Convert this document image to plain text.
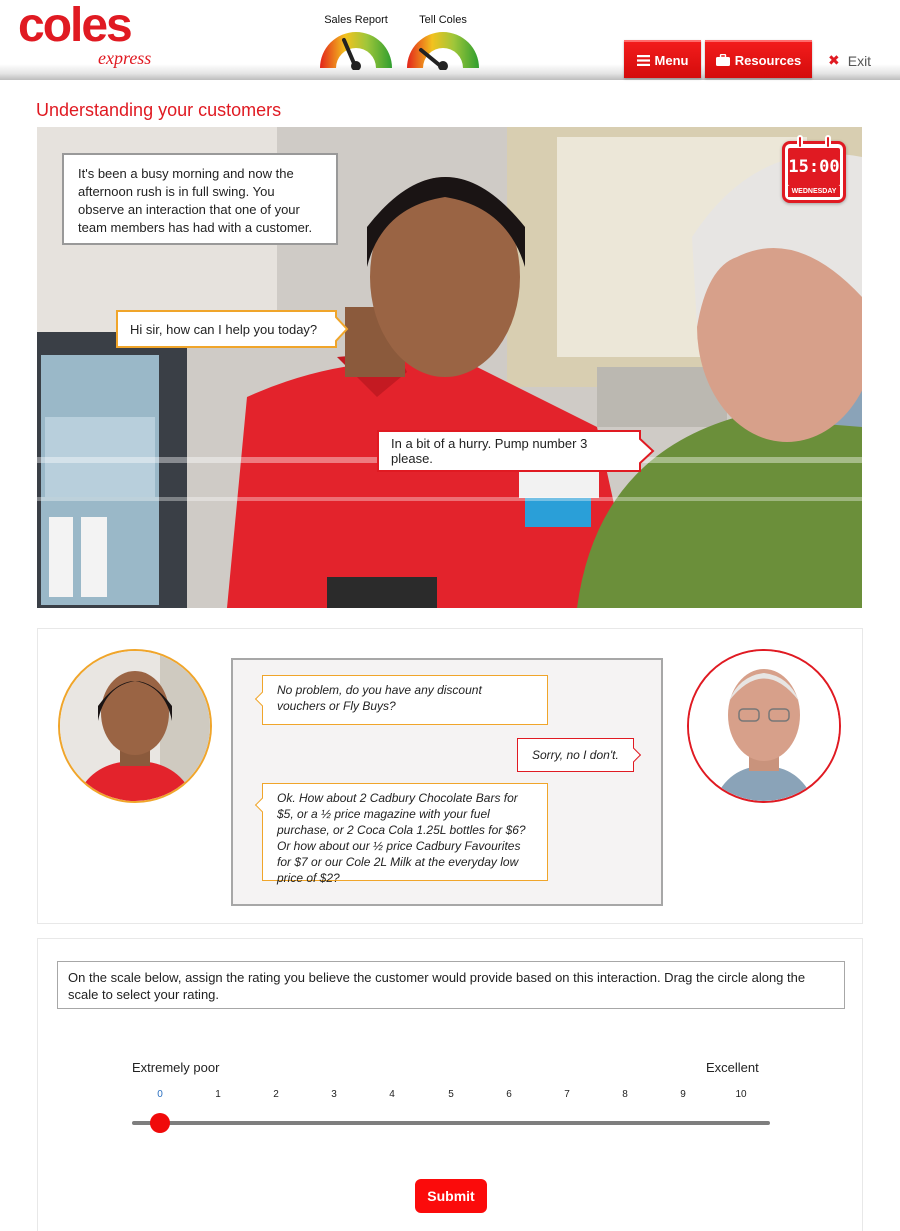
coles
express
Sales Report	Tell Coles
Menu	Resources ✖ Exit
Understanding your customers
It's been a busy morning and now the afternoon rush is in full swing. You observe an interaction that one of your team members has had with a customer.
Hi sir, how can I help you today?
In a bit of a hurry. Pump number 3 please.
15:00
WEDNESDAY
No problem, do you have any discount vouchers or Fly Buys?
Sorry, no I don't.
Ok. How about 2 Cadbury Chocolate Bars for $5, or a ½ price magazine with your fuel purchase, or 2 Coca Cola 1.25L bottles for $6? Or how about our ½ price Cadbury Favourites for $7 or our Cole 2L Milk at the everyday low price of $2?
On the scale below, assign the rating you believe the customer would provide based on this interaction. Drag the circle along the scale to select your rating.
Extremely poor	Excellent
0	1	2	3	4	5	6	7	8	9	10
Submit
